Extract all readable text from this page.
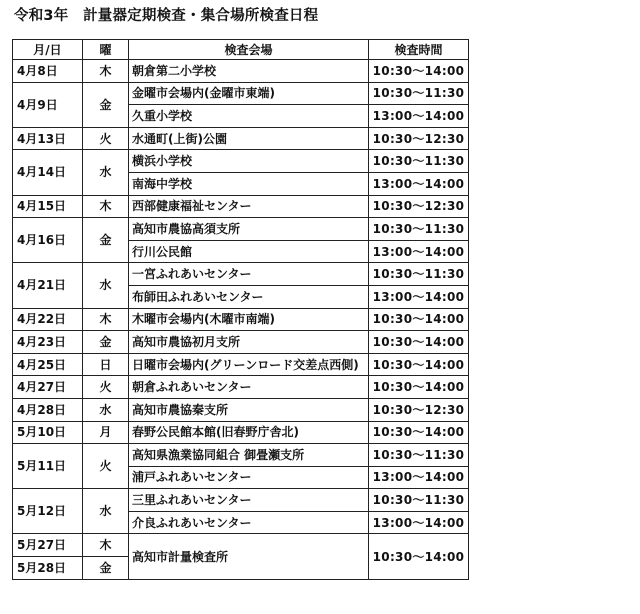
令和3年　計量器定期検査・集合場所検査日程
月/日	曜	検査会場	検査時間
4月8日	木	朝倉第二小学校	10:30～14:00
4月9日	金	金曜市会場内(金曜市東端)	10:30～11:30
		久重小学校	13:00～14:00
4月13日	火	水通町(上街)公園	10:30～12:30
4月14日	水	横浜小学校	10:30～11:30
		南海中学校	13:00～14:00
4月15日	木	西部健康福祉センター	10:30～12:30
4月16日	金	高知市農協高須支所	10:30～11:30
		行川公民館	13:00～14:00
4月21日	水	一宮ふれあいセンター	10:30～11:30
		布師田ふれあいセンター	13:00～14:00
4月22日	木	木曜市会場内(木曜市南端)	10:30～14:00
4月23日	金	高知市農協初月支所	10:30～14:00
4月25日	日	日曜市会場内(グリーンロード交差点西側)	10:30～14:00
4月27日	火	朝倉ふれあいセンター	10:30～14:00
4月28日	水	高知市農協秦支所	10:30～12:30
5月10日	月	春野公民館本館(旧春野庁舎北)	10:30～14:00
5月11日	火	高知県漁業協同組合 御畳瀬支所	10:30～11:30
		浦戸ふれあいセンター	13:00～14:00
5月12日	水	三里ふれあいセンター	10:30～11:30
		介良ふれあいセンター	13:00～14:00
5月27日	木	高知市計量検査所	10:30～14:00
5月28日	金		
